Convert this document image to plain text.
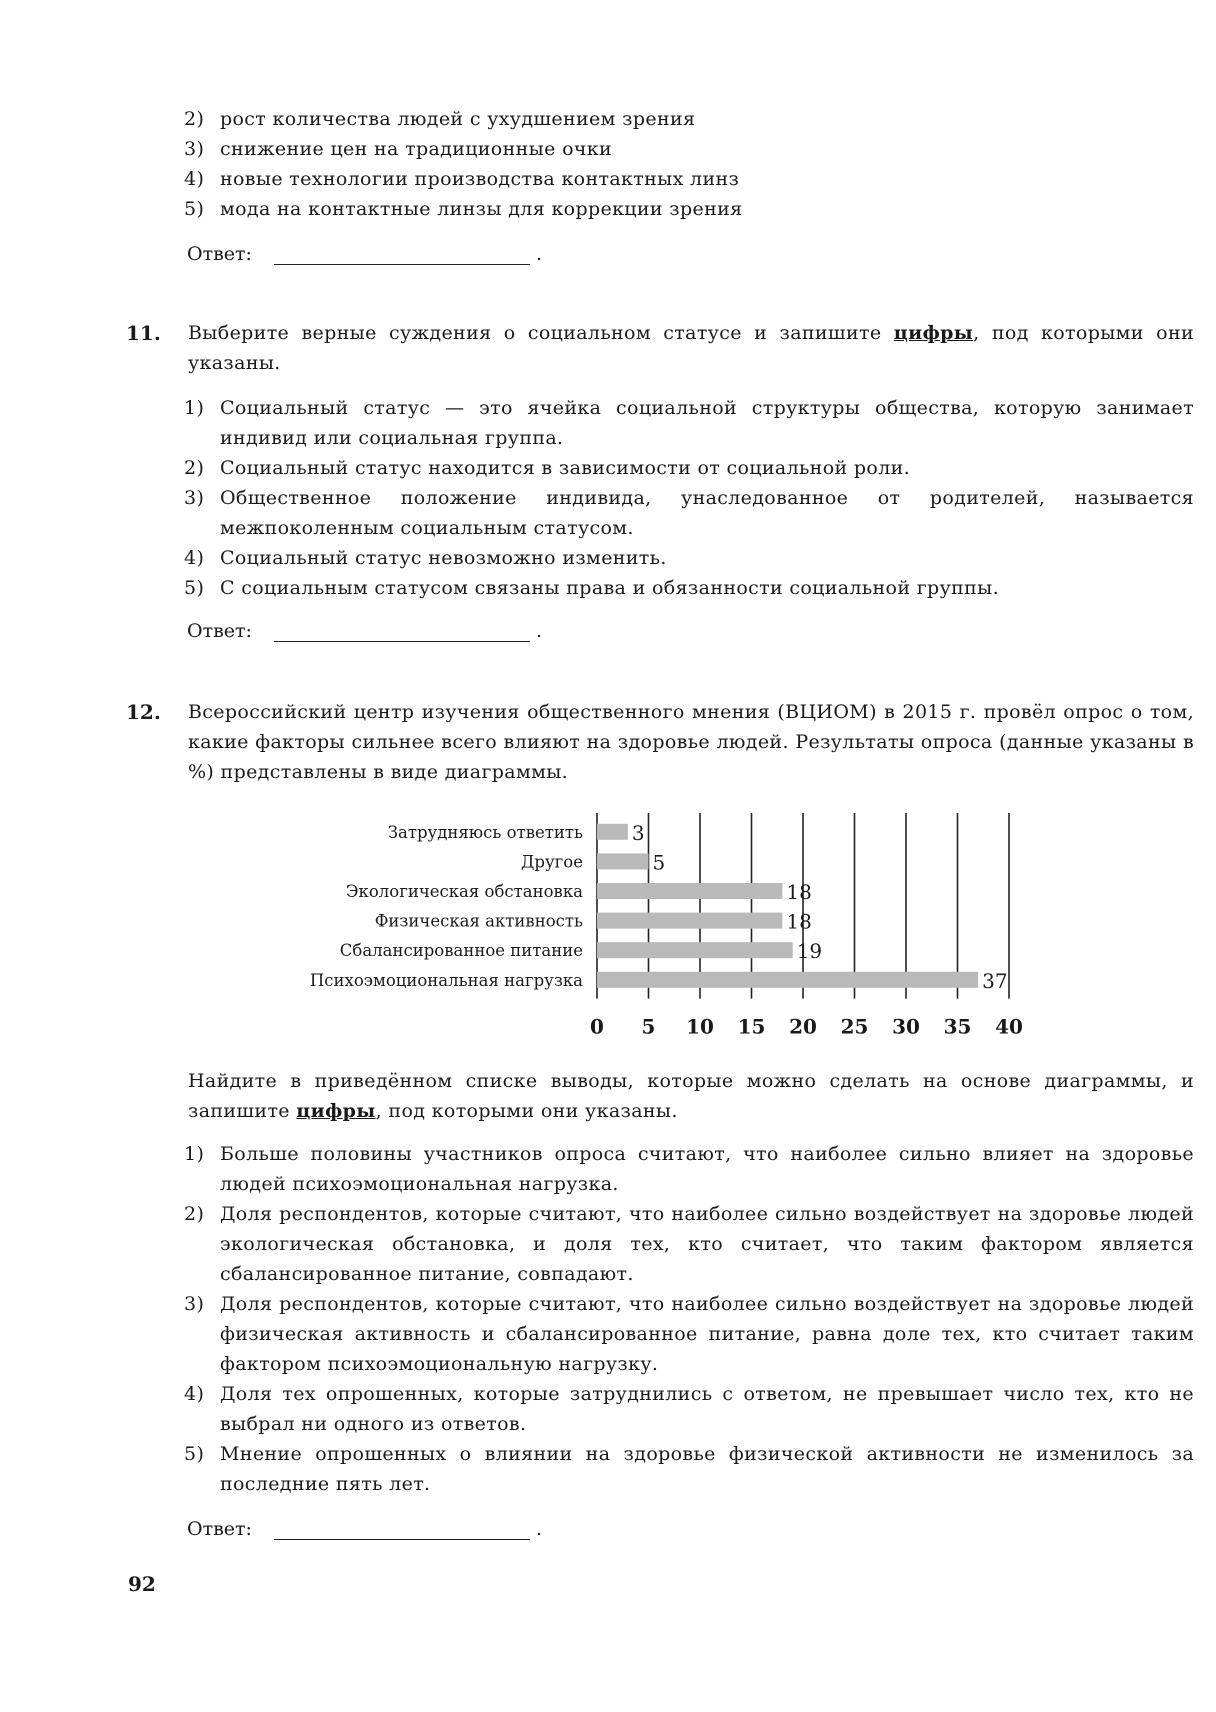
2) рост количества людей с ухудшением зрения
3) снижение цен на традиционные очки
4) новые технологии производства контактных линз
5) мода на контактные линзы для коррекции зрения
Ответ:	.
11. Выберите верные суждения о социальном статусе и запишите цифры, под которыми они указаны.
1) Социальный статус — это ячейка социальной структуры общества, которую занимает индивид или социальная группа.
2) Социальный статус находится в зависимости от социальной роли.
3) Общественное положение индивида, унаследованное от родителей, называется межпоколенным социальным статусом.
4) Социальный статус невозможно изменить.
5) С социальным статусом связаны права и обязанности социальной группы.
Ответ:	.
12. Всероссийский центр изучения общественного мнения (ВЦИОМ) в 2015 г. провёл опрос о том, какие факторы сильнее всего влияют на здоровье людей. Результаты опроса (данные указаны в %) представлены в виде диаграммы.
Затрудняюсь ответить 3
Другое	5
Экологическая обстановка	18
Физическая активность	18
Сбалансированное питание	19
Психоэмоциональная нагрузка	37
0 5 10 15 20 25 30 35 40
Найдите в приведённом списке выводы, которые можно сделать на основе диаграммы, и запишите цифры, под которыми они указаны.
1) Больше половины участников опроса считают, что наиболее сильно влияет на здоровье людей психоэмоциональная нагрузка.
2) Доля респондентов, которые считают, что наиболее сильно воздействует на здоровье людей экологическая обстановка, и доля тех, кто считает, что таким фактором является сбалансированное питание, совпадают.
3) Доля респондентов, которые считают, что наиболее сильно воздействует на здоровье людей физическая активность и сбалансированное питание, равна доле тех, кто считает таким фактором психоэмоциональную нагрузку.
4) Доля тех опрошенных, которые затруднились с ответом, не превышает число тех, кто не выбрал ни одного из ответов.
5) Мнение опрошенных о влиянии на здоровье физической активности не изменилось за последние пять лет.
Ответ:	.
92
